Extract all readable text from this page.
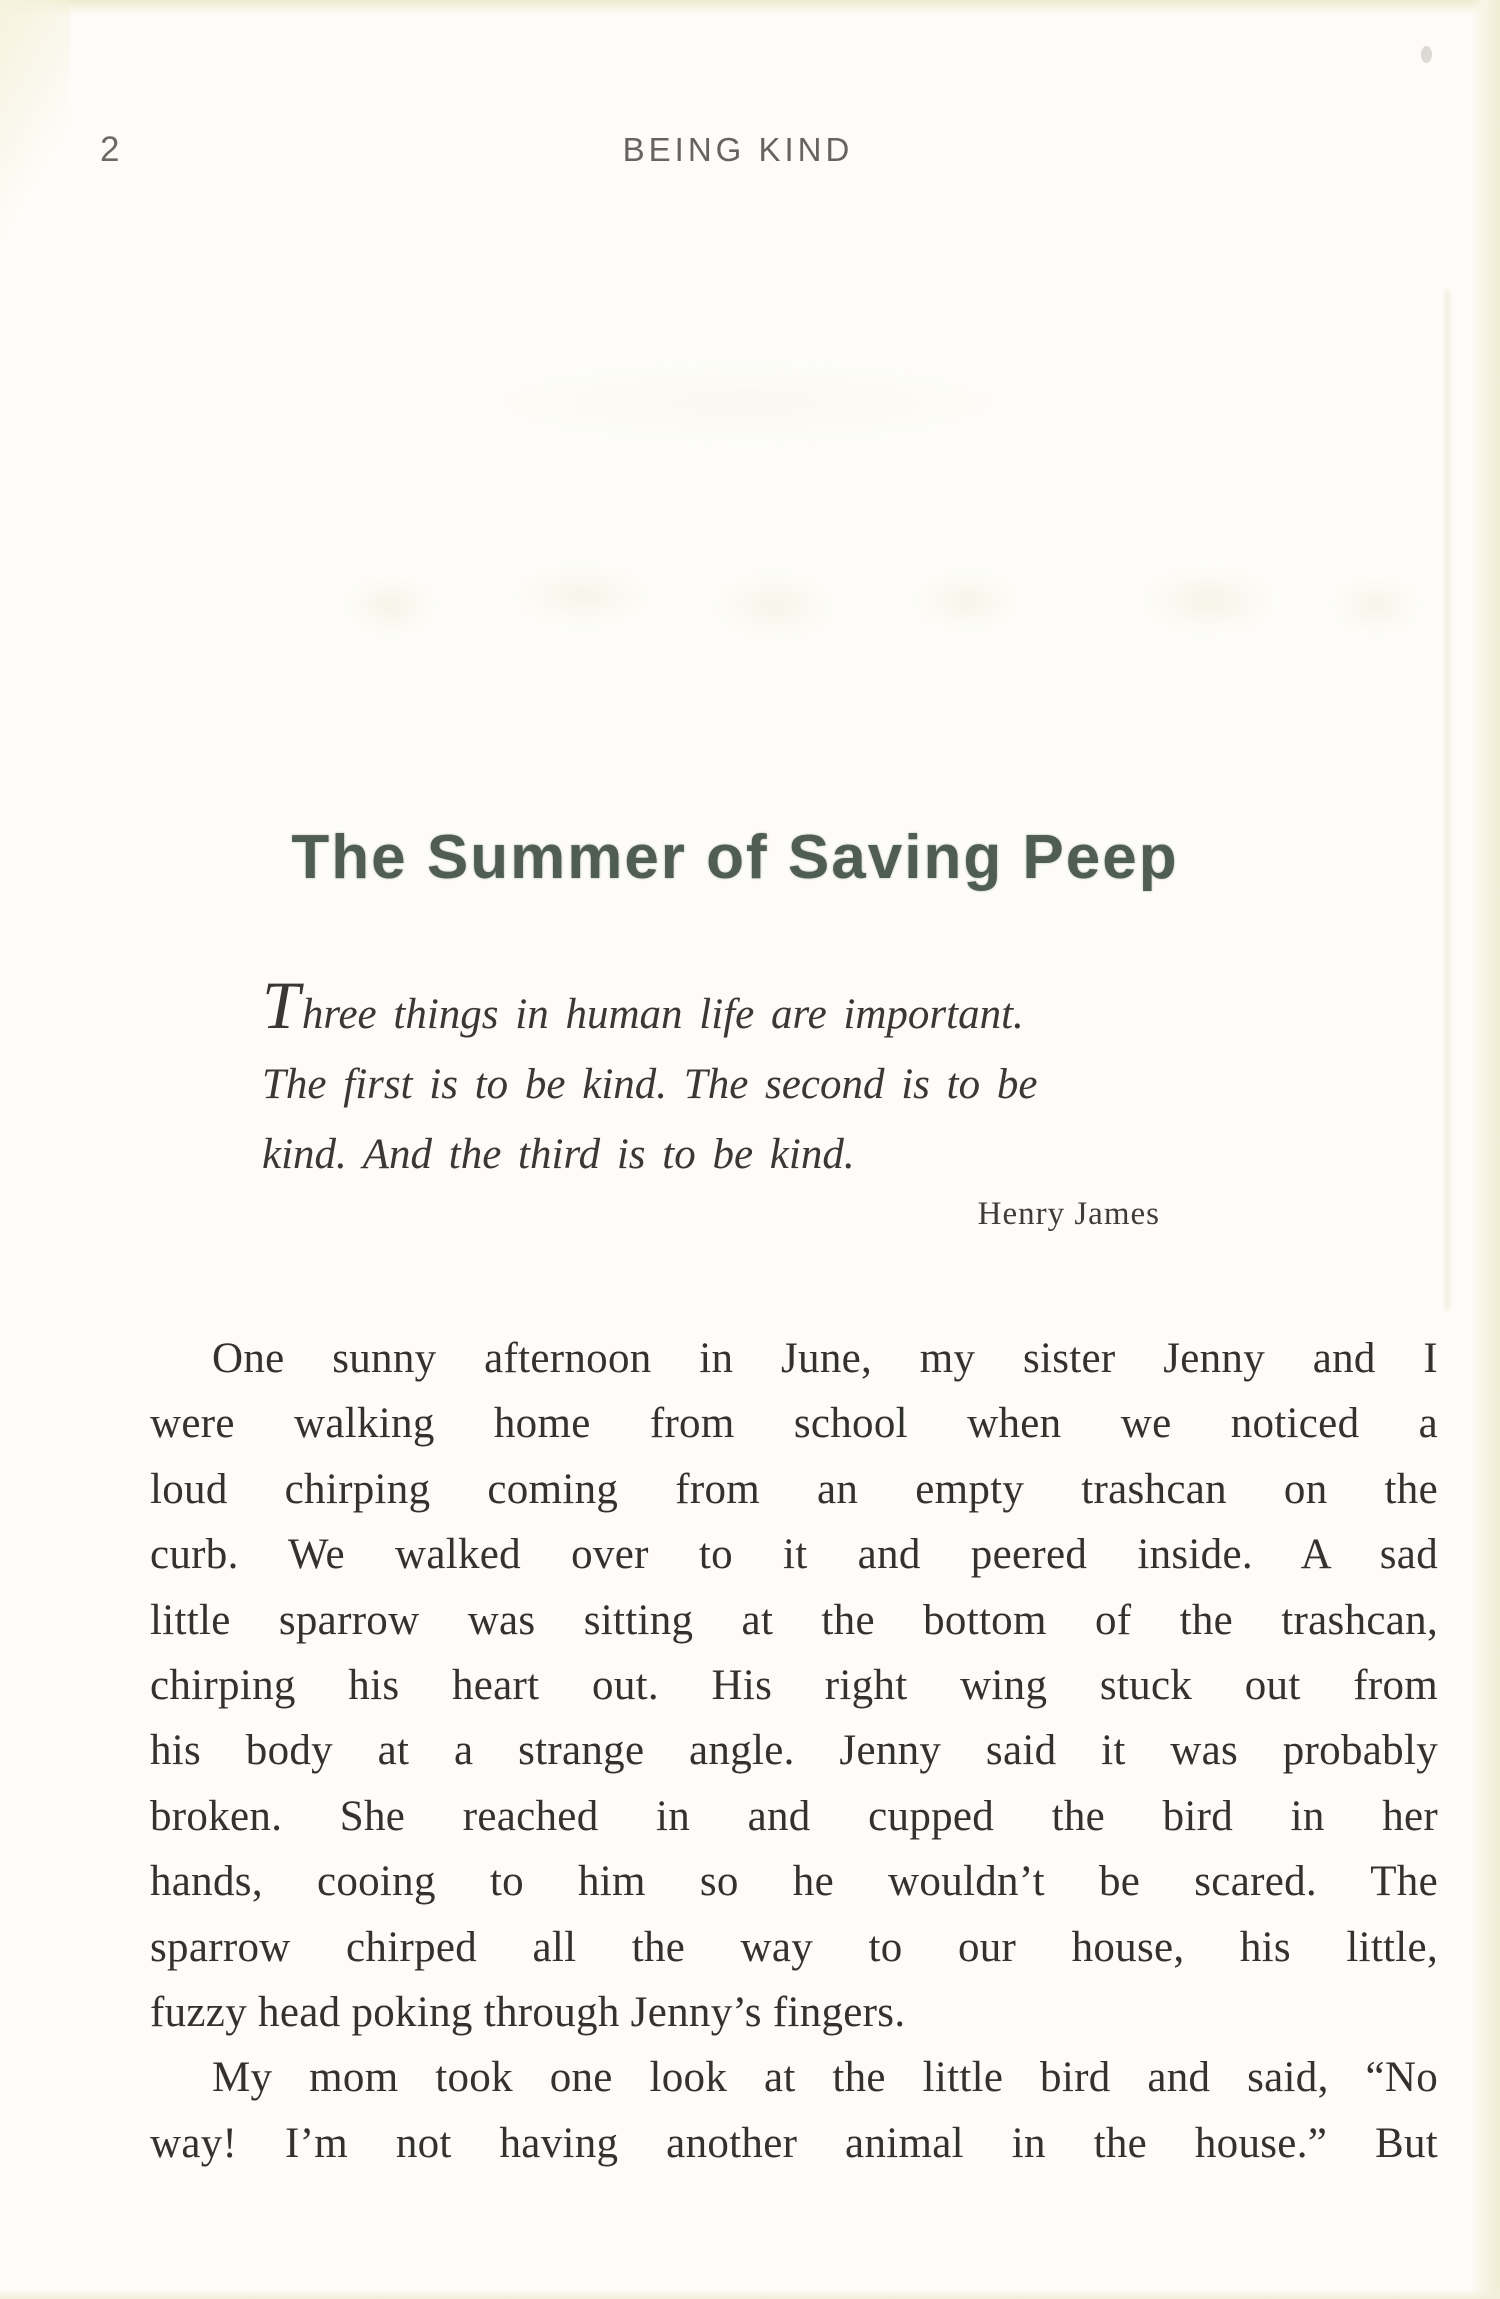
2	BEING KIND
The Summer of Saving Peep
Three things in human life are important.
The first is to be kind. The second is to be
kind. And the third is to be kind.
Henry James
One sunny afternoon in June, my sister Jenny and I
were walking home from school when we noticed a
loud chirping coming from an empty trashcan on the
curb. We walked over to it and peered inside. A sad
little sparrow was sitting at the bottom of the trashcan,
chirping his heart out. His right wing stuck out from
his body at a strange angle. Jenny said it was probably
broken. She reached in and cupped the bird in her
hands, cooing to him so he wouldn’t be scared. The
sparrow chirped all the way to our house, his little,
fuzzy head poking through Jenny’s fingers.
My mom took one look at the little bird and said, “No
way! I’m not having another animal in the house.” But
